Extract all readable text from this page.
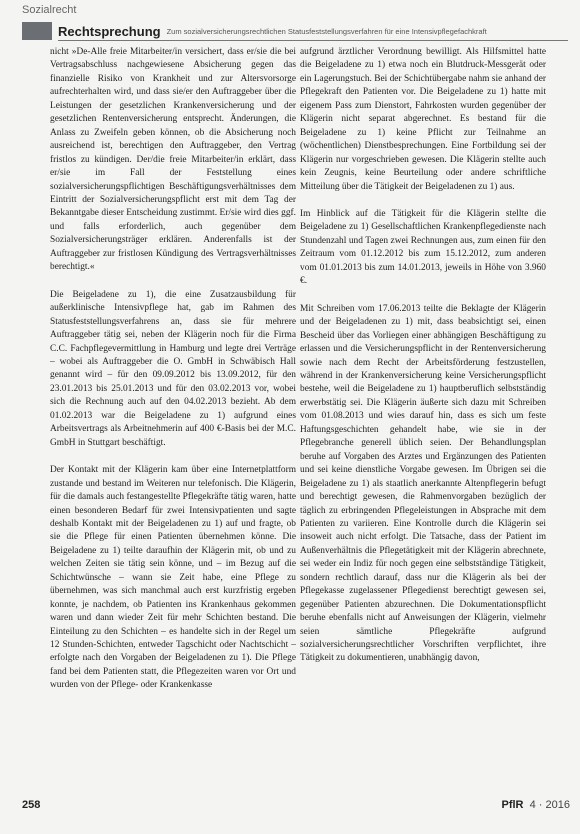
Sozialrecht
Rechtsprechung Zum sozialversicherungsrechtlichen Statusfeststellungsverfahren für eine Intensivpflegefachkraft

nicht »De-Alle freie Mitarbeiter/in versichert, dass er/sie die bei Vertragsabschluss nachgewiesene Absicherung gegen das finanzielle Risiko von Krankheit und zur Altersvorsorge aufrechterhalten wird, und dass sie/er den Auftraggeber über die Leistungen der gesetzlichen Krankenversicherung und der gesetzlichen Rentenversicherung entsprecht. Änderungen, die Anlass zu Zweifeln geben können, ob die Absicherung noch ausreichend ist, berechtigen den Auftraggeber, den Vertrag fristlos zu kündigen. Der/die freie Mitarbeiter/in erklärt, dass er/sie im Fall der Feststellung eines sozialversicherungspflichtigen Beschäftigungsverhältnisses dem Eintritt der Sozialversicherungspflicht erst mit dem Tag der Bekanntgabe dieser Entscheidung zustimmt. Er/sie wird dies ggf. und falls erforderlich, auch gegenüber dem Sozialversicherungsträger erklären. Anderenfalls ist der Auftraggeber zur fristlosen Kündigung des Vertragsverhältnisses berechtigt.«

Die Beigeladene zu 1), die eine Zusatzausbildung für außerklinische Intensivpflege hat, gab im Rahmen des Statusfeststellungsverfahrens an, dass sie für mehrere Auftraggeber tätig sei, neben der Klägerin noch für die Firma C.C. Fachpflegevermittlung in Hamburg und legte drei Verträge – wobei als Auftraggeber die O. GmbH in Schwäbisch Hall genannt wird – für den 09.09.2012 bis 13.09.2012, für den 23.01.2013 bis 25.01.2013 und für den 03.02.2013 vor, wobei sich die Rechnung auch auf den 04.02.2013 bezieht. Ab dem 01.02.2013 war die Beigeladene zu 1) aufgrund eines Arbeitsvertrags als Arbeitnehmerin auf 400 €-Basis bei der M.C. GmbH in Stuttgart beschäftigt.

Der Kontakt mit der Klägerin kam über eine Internetplattform zustande und bestand im Weiteren nur telefonisch. Die Klägerin, für die damals auch festangestellte Pflegekräfte tätig waren, hatte einen besonderen Bedarf für zwei Intensivpatienten und sagte deshalb Kontakt mit der Beigeladenen zu 1) auf und fragte, ob sie die Pflege für einen Patienten übernehmen könne. Die Beigeladene zu 1) teilte daraufhin der Klägerin mit, ob und zu welchen Zeiten sie tätig sein könne, und – im Bezug auf die Schichtwünsche – wann sie Zeit habe, eine Pflege zu übernehmen, was sich manchmal auch erst kurzfristig ergeben konnte, je nachdem, ob Patienten ins Krankenhaus gekommen waren und dann wieder Zeit für mehr Schichten bestand. Die Einteilung zu den Schichten – es handelte sich in der Regel um 12 Stunden-Schichten, entweder Tagschicht oder Nachtschicht – erfolgte nach den Vorgaben der Beigeladenen zu 1). Die Pflege fand bei dem Patienten statt, die Pflegezeiten waren vor Ort und wurden von der Pflege- oder Krankenkasse

aufgrund ärztlicher Verordnung bewilligt. Als Hilfsmittel hatte die Beigeladene zu 1) etwa noch ein Blutdruck-Messgerät oder ein Lagerungstuch. Bei der Schichtübergabe nahm sie anhand der Pflegekraft den Patienten vor. Die Beigeladene zu 1) hatte mit eigenem Pass zum Dienstort, Fahrkosten wurden gegenüber der Klägerin nicht separat abgerechnet. Es bestand für die Beigeladene zu 1) keine Pflicht zur Teilnahme an (wöchentlichen) Dienstbesprechungen. Eine Fortbildung sei der Klägerin nur vorgeschrieben gewesen. Die Klägerin stellte auch kein Zeugnis, keine Beurteilung oder andere schriftliche Mitteilung über die Tätigkeit der Beigeladenen zu 1) aus.

Im Hinblick auf die Tätigkeit für die Klägerin stellte die Beigeladene zu 1) Gesellschaftlichen Krankenpflegedienste nach Stundenzahl und Tagen zwei Rechnungen aus, zum einen für den Zeitraum vom 01.12.2012 bis zum 15.12.2012, zum anderen vom 01.01.2013 bis zum 14.01.2013, jeweils in Höhe von 3.960 €.

Mit Schreiben vom 17.06.2013 teilte die Beklagte der Klägerin und der Beigeladenen zu 1) mit, dass beabsichtigt sei, einen Bescheid über das Vorliegen einer abhängigen Beschäftigung zu erlassen und die Versicherungspflicht in der Rentenversicherung sowie nach dem Recht der Arbeitsförderung festzustellen, während in der Krankenversicherung keine Versicherungspflicht bestehe, weil die Beigeladene zu 1) hauptberuflich selbstständig erwerbstätig sei. Die Klägerin äußerte sich dazu mit Schreiben vom 01.08.2013 und wies darauf hin, dass es sich um feste Haftungsgeschichten gehandelt habe, wie sie in der Pflegebranche generell üblich seien. Der Behandlungsplan beruhe auf Vorgaben des Arztes und Ergänzungen des Patienten und sei keine dienstliche Vorgabe gewesen. Im Übrigen sei die Beigeladene zu 1) als staatlich anerkannte Altenpflegerin befugt und berechtigt gewesen, die Rahmenvorgaben bezüglich der täglich zu erbringenden Pflegeleistungen in Absprache mit dem Patienten zu variieren. Eine Kontrolle durch die Klägerin sei insoweit auch nicht erfolgt. Die Tatsache, dass der Patient im Außenverhältnis die Pflegetätigkeit mit der Klägerin abrechnete, sei weder ein Indiz für noch gegen eine selbstständige Tätigkeit, sondern rechtlich darauf, dass nur die Klägerin als bei der Pflegekasse zugelassener Pflegedienst berechtigt gewesen sei, gegenüber Patienten abzurechnen. Die Dokumentationspflicht beruhe ebenfalls nicht auf Anweisungen der Klägerin, vielmehr seien sämtliche Pflegekräfte aufgrund sozialversicherungsrechtlicher Vorschriften verpflichtet, ihre Tätigkeit zu dokumentieren, unabhängig davon,

258	PflR 4 · 2016
